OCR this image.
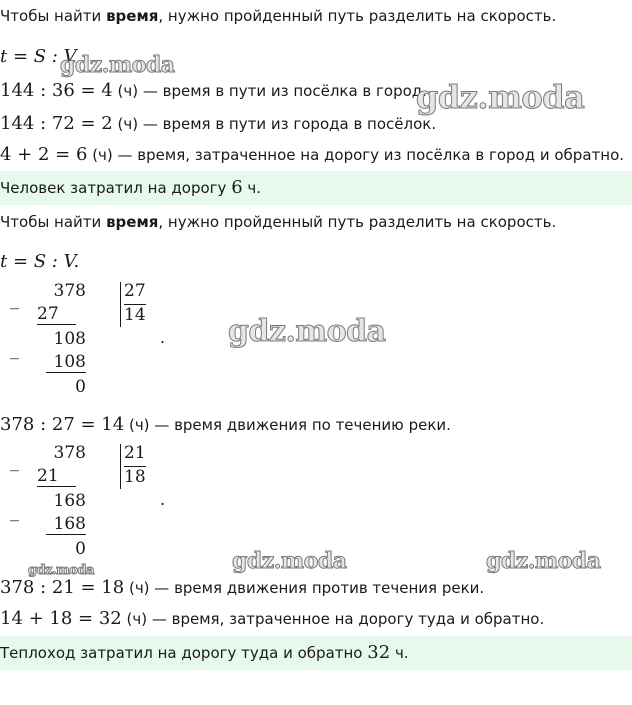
Чтобы найти время, нужно пройденный путь разделить на скорость.
t = S : V
144 : 36 = 4 (ч) — время в пути из посёлка в город.
144 : 72 = 2 (ч) — время в пути из города в посёлок.
4 + 2 = 6 (ч) — время, затраченное на дорогу из посёлка в город и обратно.
Человек затратил на дорогу 6 ч.
Чтобы найти время, нужно пройденный путь разделить на скорость.
t = S : V.
_	378
27
_	108
108
0
27
14
.
378 : 27 = 14 (ч) — время движения по течению реки.
_	378
21
_	168
168
0
21
18
.
378 : 21 = 18 (ч) — время движения против течения реки.
14 + 18 = 32 (ч) — время, затраченное на дорогу туда и обратно.
Теплоход затратил на дорогу туда и обратно 32 ч.
gdz.moda
gdz.moda
gdz.moda
gdz.moda	gdz.moda
gdz.moda
